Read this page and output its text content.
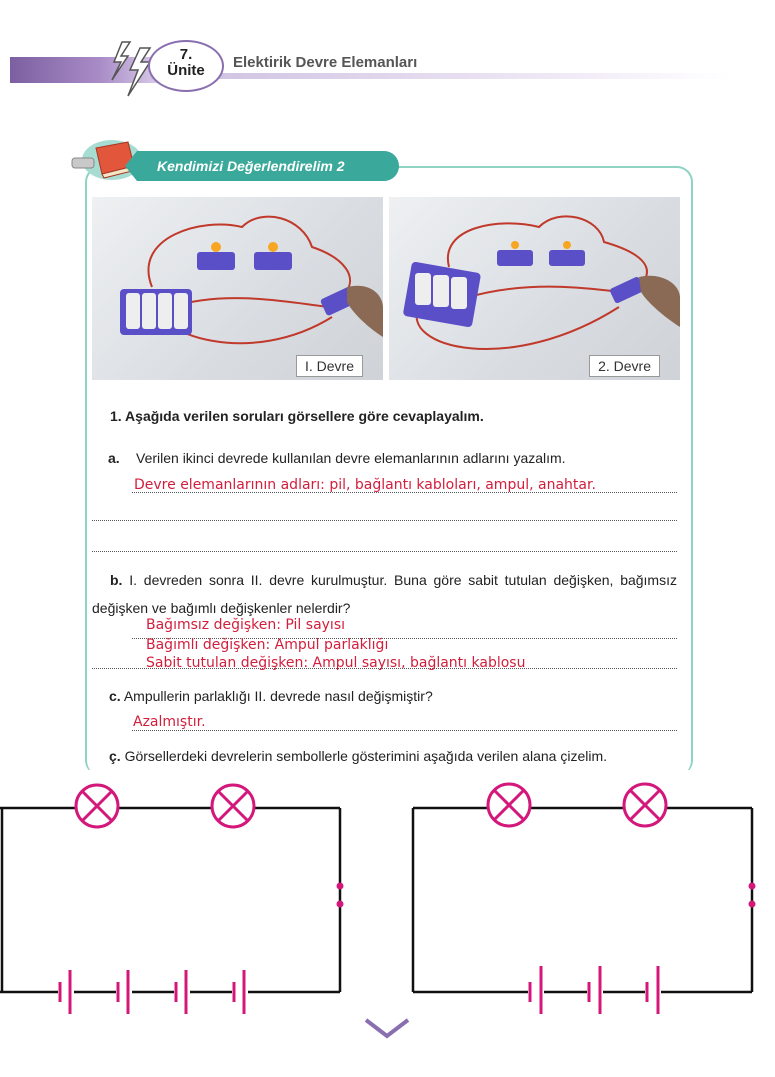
7.
Ünite	Elektirik Devre Elemanları
Kendimizi Değerlendirelim 2
I. Devre	2. Devre
1. Aşağıda verilen soruları görsellere göre cevaplayalım.
a. Verilen ikinci devrede kullanılan devre elemanlarının adlarını yazalım.
Devre elemanlarının adları: pil, bağlantı kabloları, ampul, anahtar.
b. I. devreden sonra II. devre kurulmuştur. Buna göre sabit tutulan değişken, bağımsız değişken ve bağımlı değişkenler nelerdir?
Bağımsız değişken: Pil sayısı
Bağımlı değişken: Ampul parlaklığı
Sabit tutulan değişken: Ampul sayısı, bağlantı kablosu
c. Ampullerin parlaklığı II. devrede nasıl değişmiştir?
Azalmıştır.
ç. Görsellerdeki devrelerin sembollerle gösterimini aşağıda verilen alana çizelim.
